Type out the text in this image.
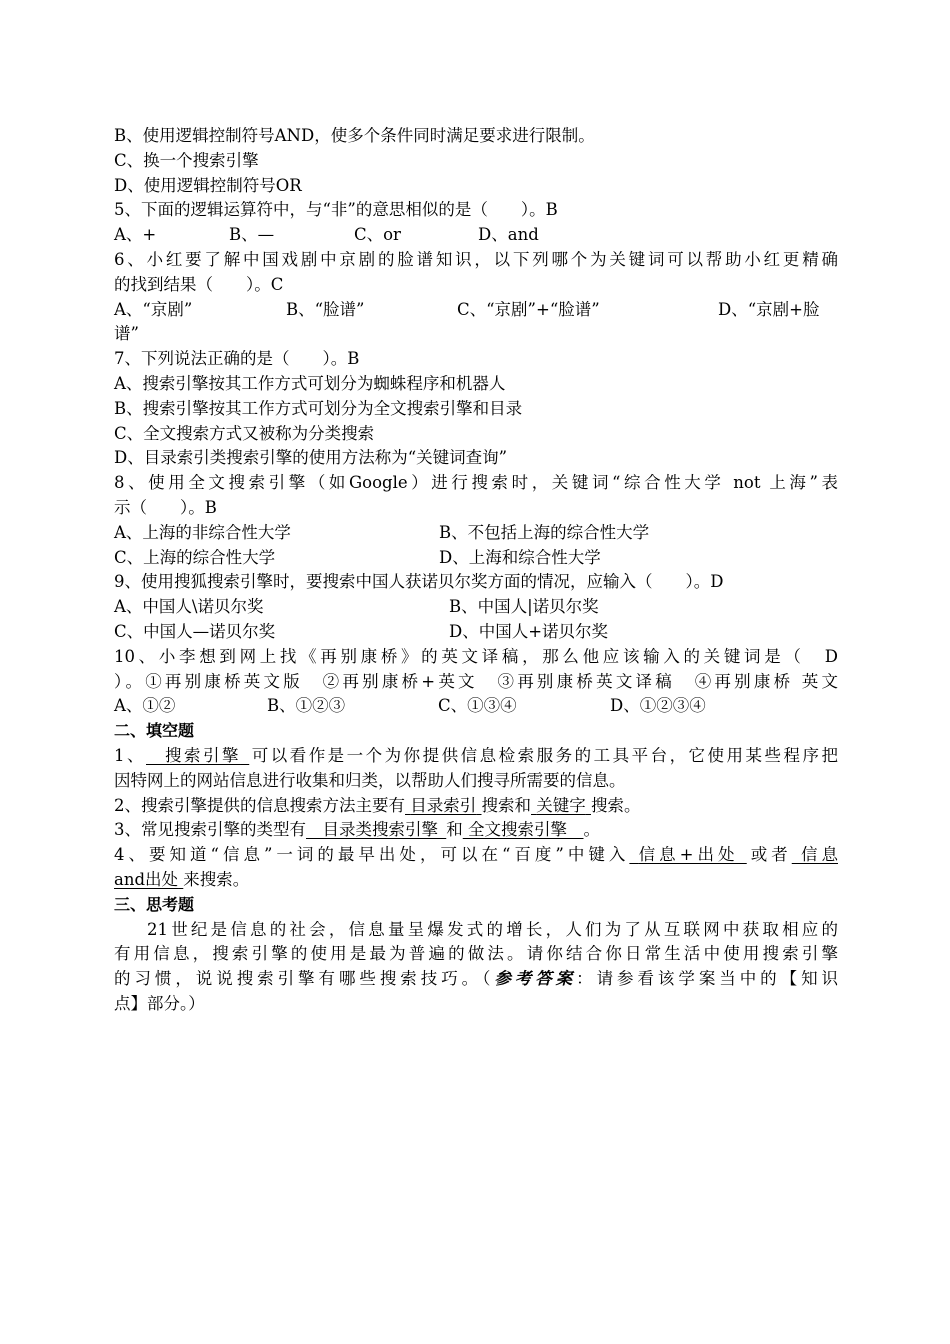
B、使用逻辑控制符号AND，使多个条件同时满足要求进行限制。
C、换一个搜索引擎
D、使用逻辑控制符号OR
5、下面的逻辑运算符中，与“非”的意思相似的是（　　）。B
A、+	B、—	C、or	D、and
6、小红要了解中国戏剧中京剧的脸谱知识，以下列哪个为关键词可以帮助小红更精确
的找到结果（　　）。C
A、“京剧”	B、“脸谱”	C、“京剧”+“脸谱”	D、“京剧+脸
谱”
7、下列说法正确的是（　　）。B
A、搜索引擎按其工作方式可划分为蜘蛛程序和机器人
B、搜索引擎按其工作方式可划分为全文搜索引擎和目录
C、全文搜索方式又被称为分类搜索
D、目录索引类搜索引擎的使用方法称为“关键词查询”
8、使用全文搜索引擎（如Google）进行搜索时，关键词“综合性大学 not 上海”表
示（　　）。B
A、上海的非综合性大学	B、不包括上海的综合性大学
C、上海的综合性大学	D、上海和综合性大学
9、使用搜狐搜索引擎时，要搜索中国人获诺贝尔奖方面的情况，应输入（　　）。D
A、中国人\诺贝尔奖	B、中国人|诺贝尔奖
C、中国人—诺贝尔奖	D、中国人+诺贝尔奖
10、小李想到网上找《再别康桥》的英文译稿，那么他应该输入的关键词是（　D
）。①再别康桥英文版　②再别康桥+英文　③再别康桥英文译稿　④再别康桥 英文
A、①②	B、①②③	C、①③④	D、①②③④
二、填空题
1、  搜索引擎  可以看作是一个为你提供信息检索服务的工具平台，它使用某些程序把
因特网上的网站信息进行收集和归类，以帮助人们搜寻所需要的信息。
2、搜索引擎提供的信息搜索方法主要有 目录索引 搜索和 关键字 搜索。
3、常见搜索引擎的类型有   目录类搜索引擎  和 全文搜索引擎   。
4、要知道“信息”一词的最早出处，可以在“百度”中键入 信息+出处  或者 信息
and出处 来搜索。
三、思考题
21世纪是信息的社会，信息量呈爆发式的增长，人们为了从互联网中获取相应的
有用信息，搜索引擎的使用是最为普遍的做法。请你结合你日常生活中使用搜索引擎
的习惯，说说搜索引擎有哪些搜索技巧。（参考答案：请参看该学案当中的【知识
点】部分。）
